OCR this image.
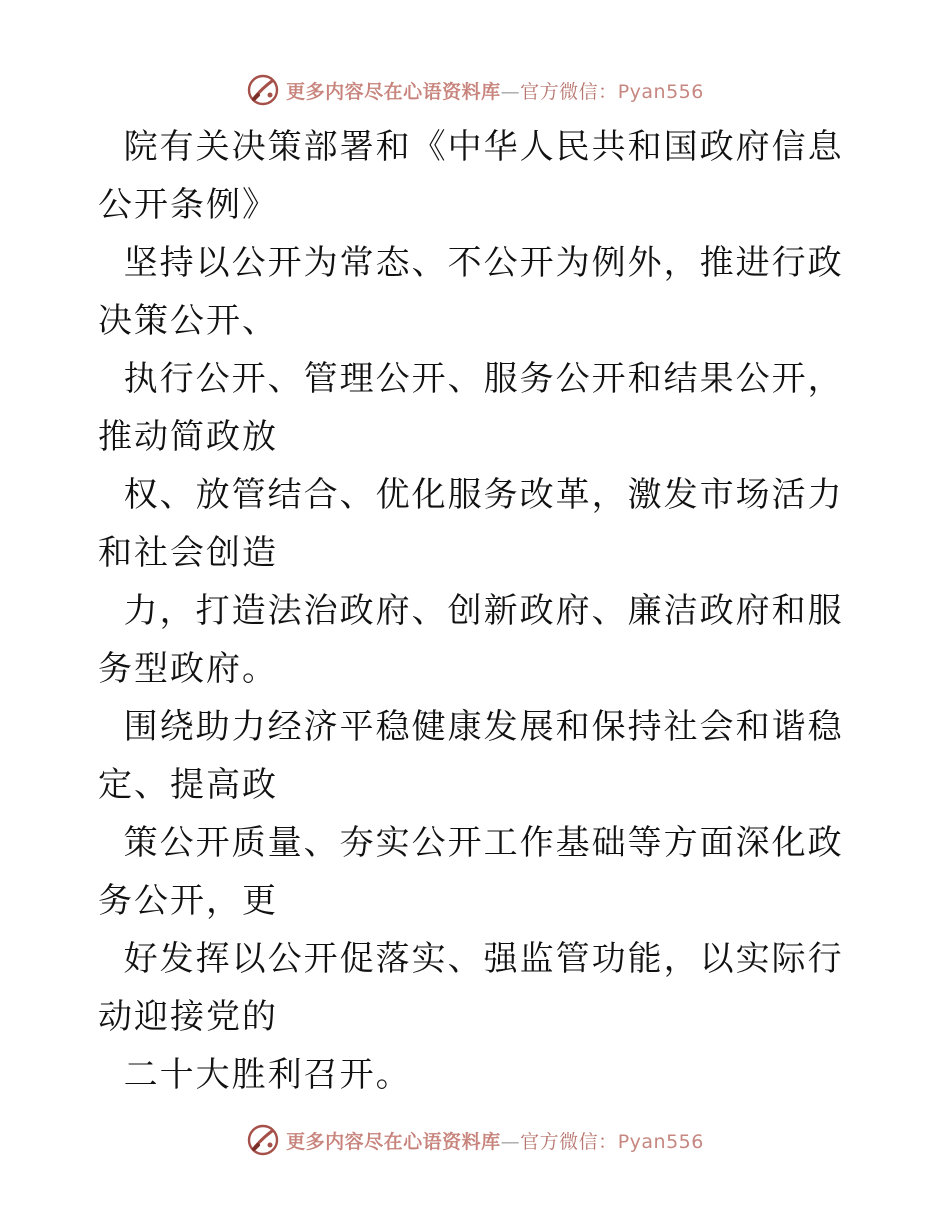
更多内容尽在心语资料库—官方微信：Pyan556

院有关决策部署和《中华人民共和国政府信息公开条例》

坚持以公开为常态、不公开为例外，推进行政决策公开、

执行公开、管理公开、服务公开和结果公开，推动简政放

权、放管结合、优化服务改革，激发市场活力和社会创造

力，打造法治政府、创新政府、廉洁政府和服务型政府。

围绕助力经济平稳健康发展和保持社会和谐稳定、提高政

策公开质量、夯实公开工作基础等方面深化政务公开，更

好发挥以公开促落实、强监管功能，以实际行动迎接党的

二十大胜利召开。

更多内容尽在心语资料库—官方微信：Pyan556
